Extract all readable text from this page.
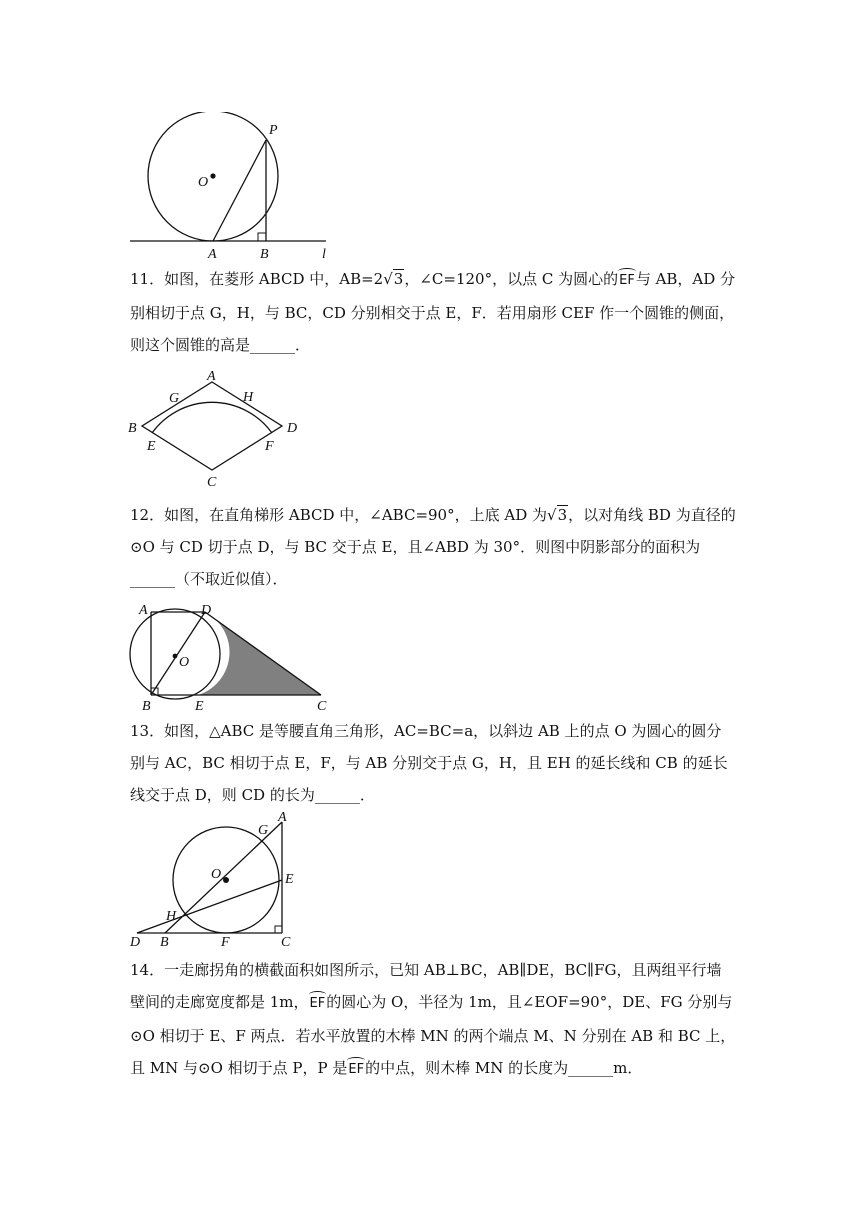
P
O
A	B	l

11．如图，在菱形 ABCD 中，AB=2√3，∠C=120°，以点 C 为圆心的EF与 AB，AD 分别相切于点 G，H，与 BC，CD 分别相交于点 E，F．若用扇形 CEF 作一个圆锥的侧面，则这个圆锥的高是______．

A
G	H
B	D
E	F
C

12．如图，在直角梯形 ABCD 中，∠ABC=90°，上底 AD 为√3，以对角线 BD 为直径的⊙O 与 CD 切于点 D，与 BC 交于点 E，且∠ABD 为 30°．则图中阴影部分的面积为______（不取近似值）．

A	D
O
B	E	C

13．如图，△ABC 是等腰直角三角形，AC=BC=a，以斜边 AB 上的点 O 为圆心的圆分别与 AC，BC 相切于点 E，F，与 AB 分别交于点 G，H，且 EH 的延长线和 CB 的延长线交于点 D，则 CD 的长为______．

A
G
O	E
H
D B	F	C

14．一走廊拐角的横截面积如图所示，已知 AB⊥BC，AB∥DE，BC∥FG，且两组平行墙壁间的走廊宽度都是 1m，EF的圆心为 O，半径为 1m，且∠EOF=90°，DE、FG 分别与⊙O 相切于 E、F 两点．若水平放置的木棒 MN 的两个端点 M、N 分别在 AB 和 BC 上，且 MN 与⊙O 相切于点 P，P 是EF的中点，则木棒 MN 的长度为______m．
